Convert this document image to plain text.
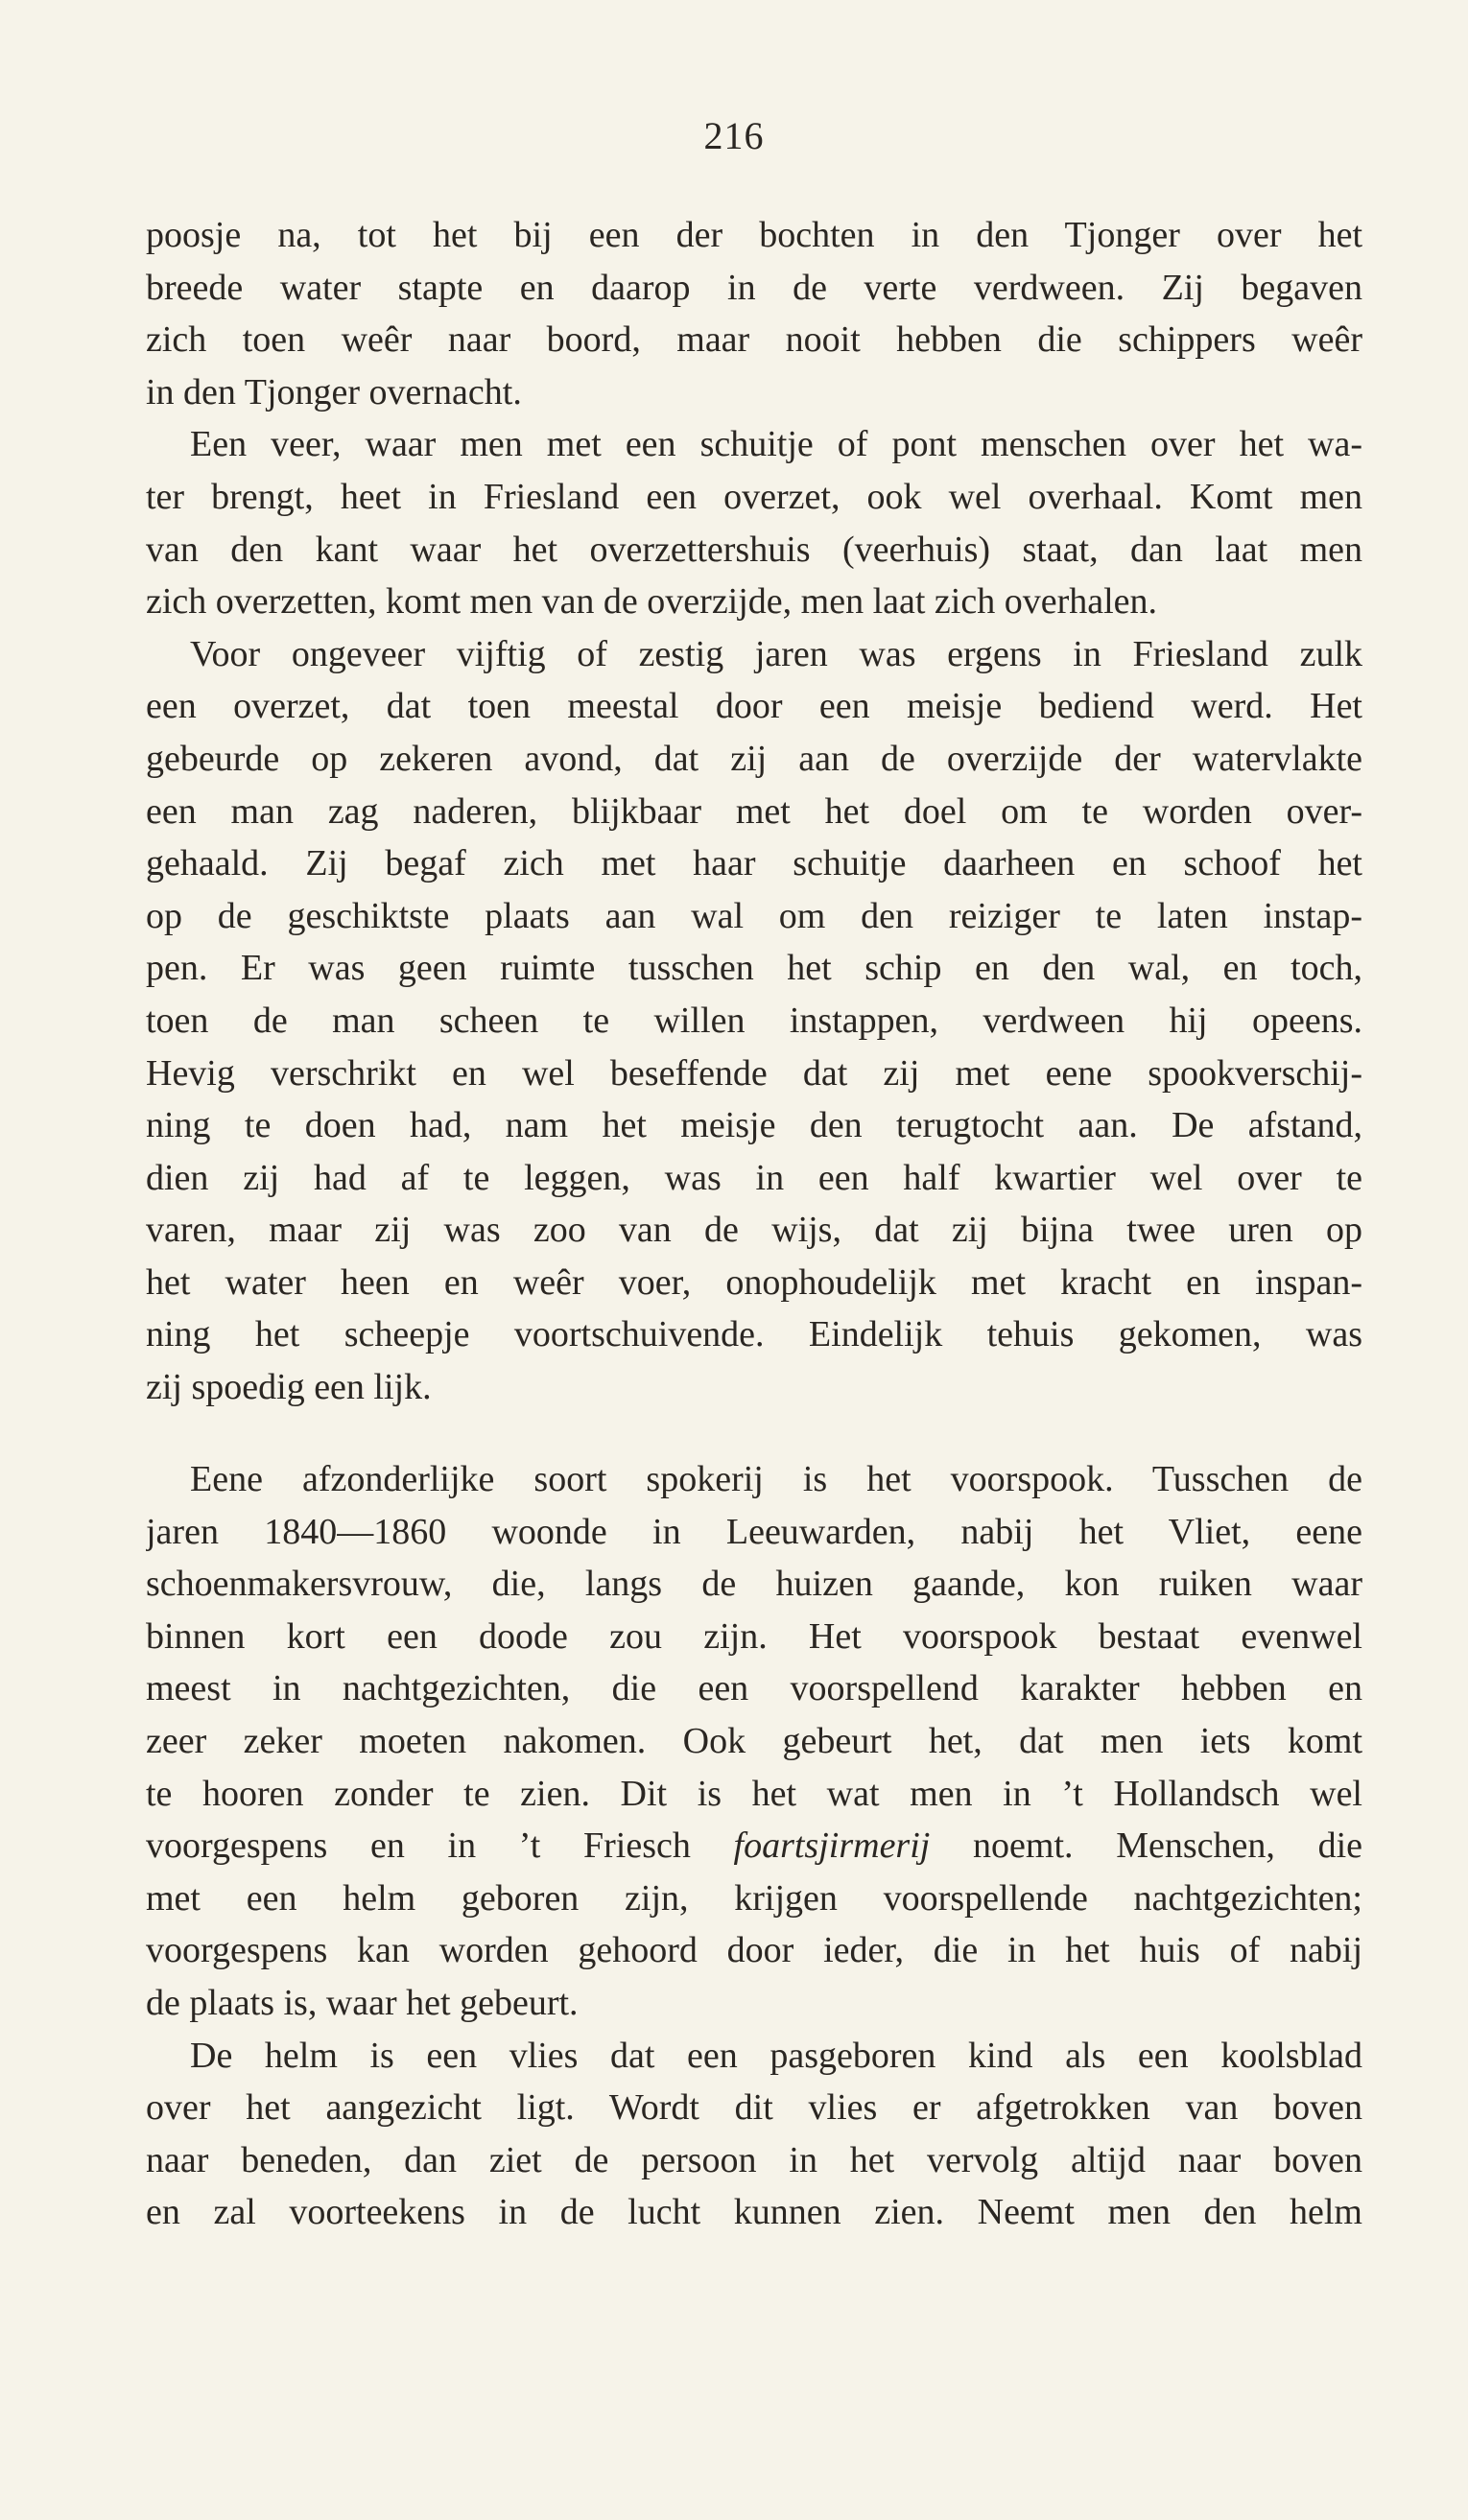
216
poosje na, tot het bij een der bochten in den Tjonger over het
breede water stapte en daarop in de verte verdween. Zij begaven
zich toen weêr naar boord, maar nooit hebben die schippers weêr
in den Tjonger overnacht.
Een veer, waar men met een schuitje of pont menschen over het wa-
ter brengt, heet in Friesland een overzet, ook wel overhaal. Komt men
van den kant waar het overzettershuis (veerhuis) staat, dan laat men
zich overzetten, komt men van de overzijde, men laat zich overhalen.
Voor ongeveer vijftig of zestig jaren was ergens in Friesland zulk
een overzet, dat toen meestal door een meisje bediend werd. Het
gebeurde op zekeren avond, dat zij aan de overzijde der watervlakte
een man zag naderen, blijkbaar met het doel om te worden over-
gehaald. Zij begaf zich met haar schuitje daarheen en schoof het
op de geschiktste plaats aan wal om den reiziger te laten instap-
pen. Er was geen ruimte tusschen het schip en den wal, en toch,
toen de man scheen te willen instappen, verdween hij opeens.
Hevig verschrikt en wel beseffende dat zij met eene spookverschij-
ning te doen had, nam het meisje den terugtocht aan. De afstand,
dien zij had af te leggen, was in een half kwartier wel over te
varen, maar zij was zoo van de wijs, dat zij bijna twee uren op
het water heen en weêr voer, onophoudelijk met kracht en inspan-
ning het scheepje voortschuivende. Eindelijk tehuis gekomen, was
zij spoedig een lijk.
Eene afzonderlijke soort spokerij is het voorspook. Tusschen de
jaren 1840—1860 woonde in Leeuwarden, nabij het Vliet, eene
schoenmakersvrouw, die, langs de huizen gaande, kon ruiken waar
binnen kort een doode zou zijn. Het voorspook bestaat evenwel
meest in nachtgezichten, die een voorspellend karakter hebben en
zeer zeker moeten nakomen. Ook gebeurt het, dat men iets komt
te hooren zonder te zien. Dit is het wat men in ’t Hollandsch wel
voorgespens en in ’t Friesch foartsjirmerij noemt. Menschen, die
met een helm geboren zijn, krijgen voorspellende nachtgezichten;
voorgespens kan worden gehoord door ieder, die in het huis of nabij
de plaats is, waar het gebeurt.
De helm is een vlies dat een pasgeboren kind als een koolsblad
over het aangezicht ligt. Wordt dit vlies er afgetrokken van boven
naar beneden, dan ziet de persoon in het vervolg altijd naar boven
en zal voorteekens in de lucht kunnen zien. Neemt men den helm
